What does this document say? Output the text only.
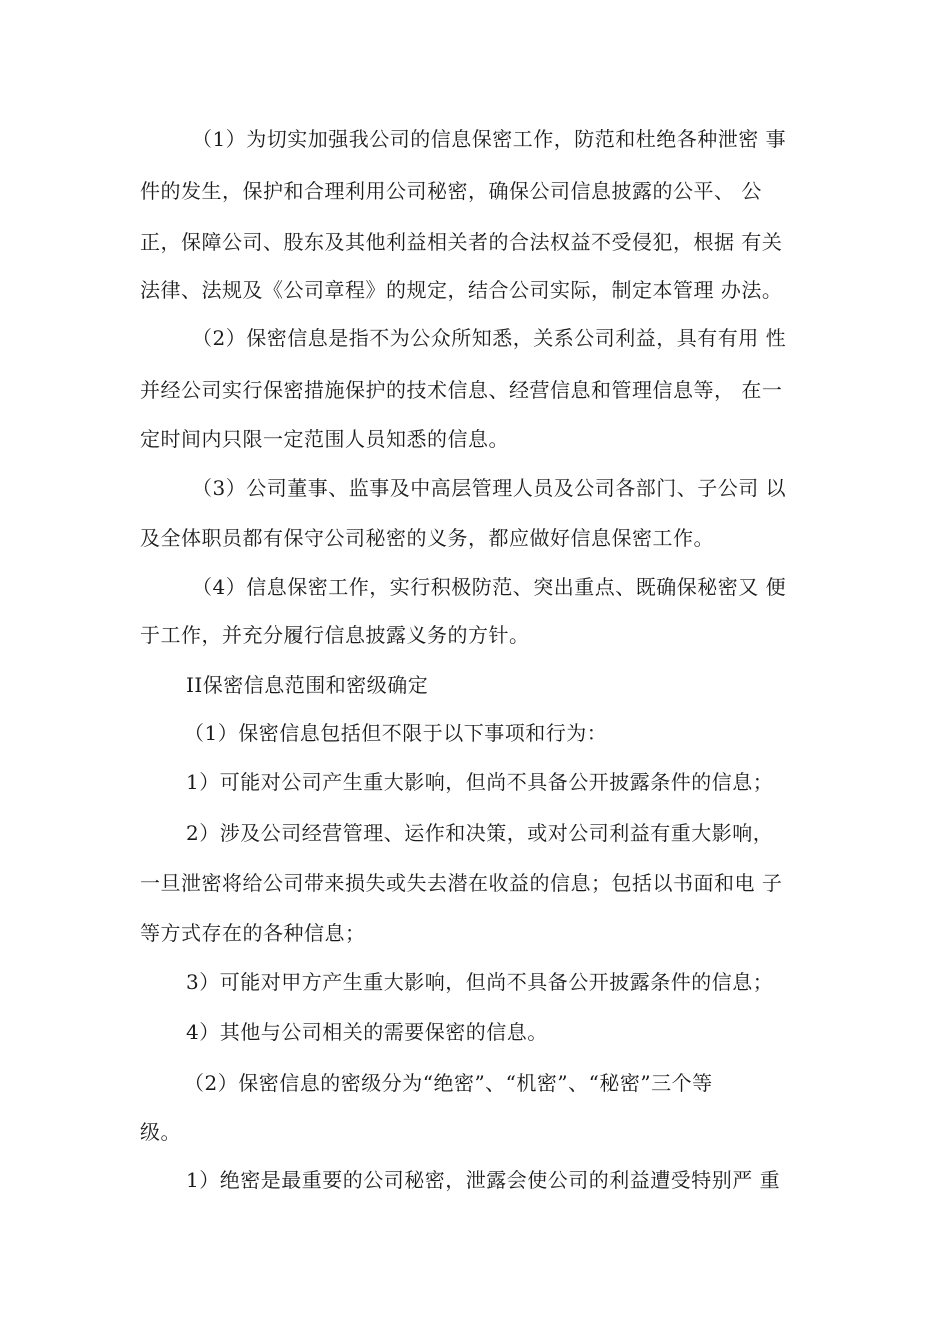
（1）为切实加强我公司的信息保密工作，防范和杜绝各种泄密 事
件的发生，保护和合理利用公司秘密，确保公司信息披露的公平、 公
正，保障公司、股东及其他利益相关者的合法权益不受侵犯，根据 有关
法律、法规及《公司章程》的规定，结合公司实际，制定本管理 办法。
（2）保密信息是指不为公众所知悉，关系公司利益，具有有用 性
并经公司实行保密措施保护的技术信息、经营信息和管理信息等， 在一
定时间内只限一定范围人员知悉的信息。
（3）公司董事、监事及中高层管理人员及公司各部门、子公司 以
及全体职员都有保守公司秘密的义务，都应做好信息保密工作。
（4）信息保密工作，实行积极防范、突出重点、既确保秘密又 便
于工作，并充分履行信息披露义务的方针。
II保密信息范围和密级确定
（1）保密信息包括但不限于以下事项和行为：
1）可能对公司产生重大影响，但尚不具备公开披露条件的信息；
2）涉及公司经营管理、运作和决策，或对公司利益有重大影响，
一旦泄密将给公司带来损失或失去潜在收益的信息；包括以书面和电 子
等方式存在的各种信息；
3）可能对甲方产生重大影响，但尚不具备公开披露条件的信息；
4）其他与公司相关的需要保密的信息。
（2）保密信息的密级分为“绝密”、“机密”、“秘密”三个等
级。
1）绝密是最重要的公司秘密，泄露会使公司的利益遭受特别严 重
